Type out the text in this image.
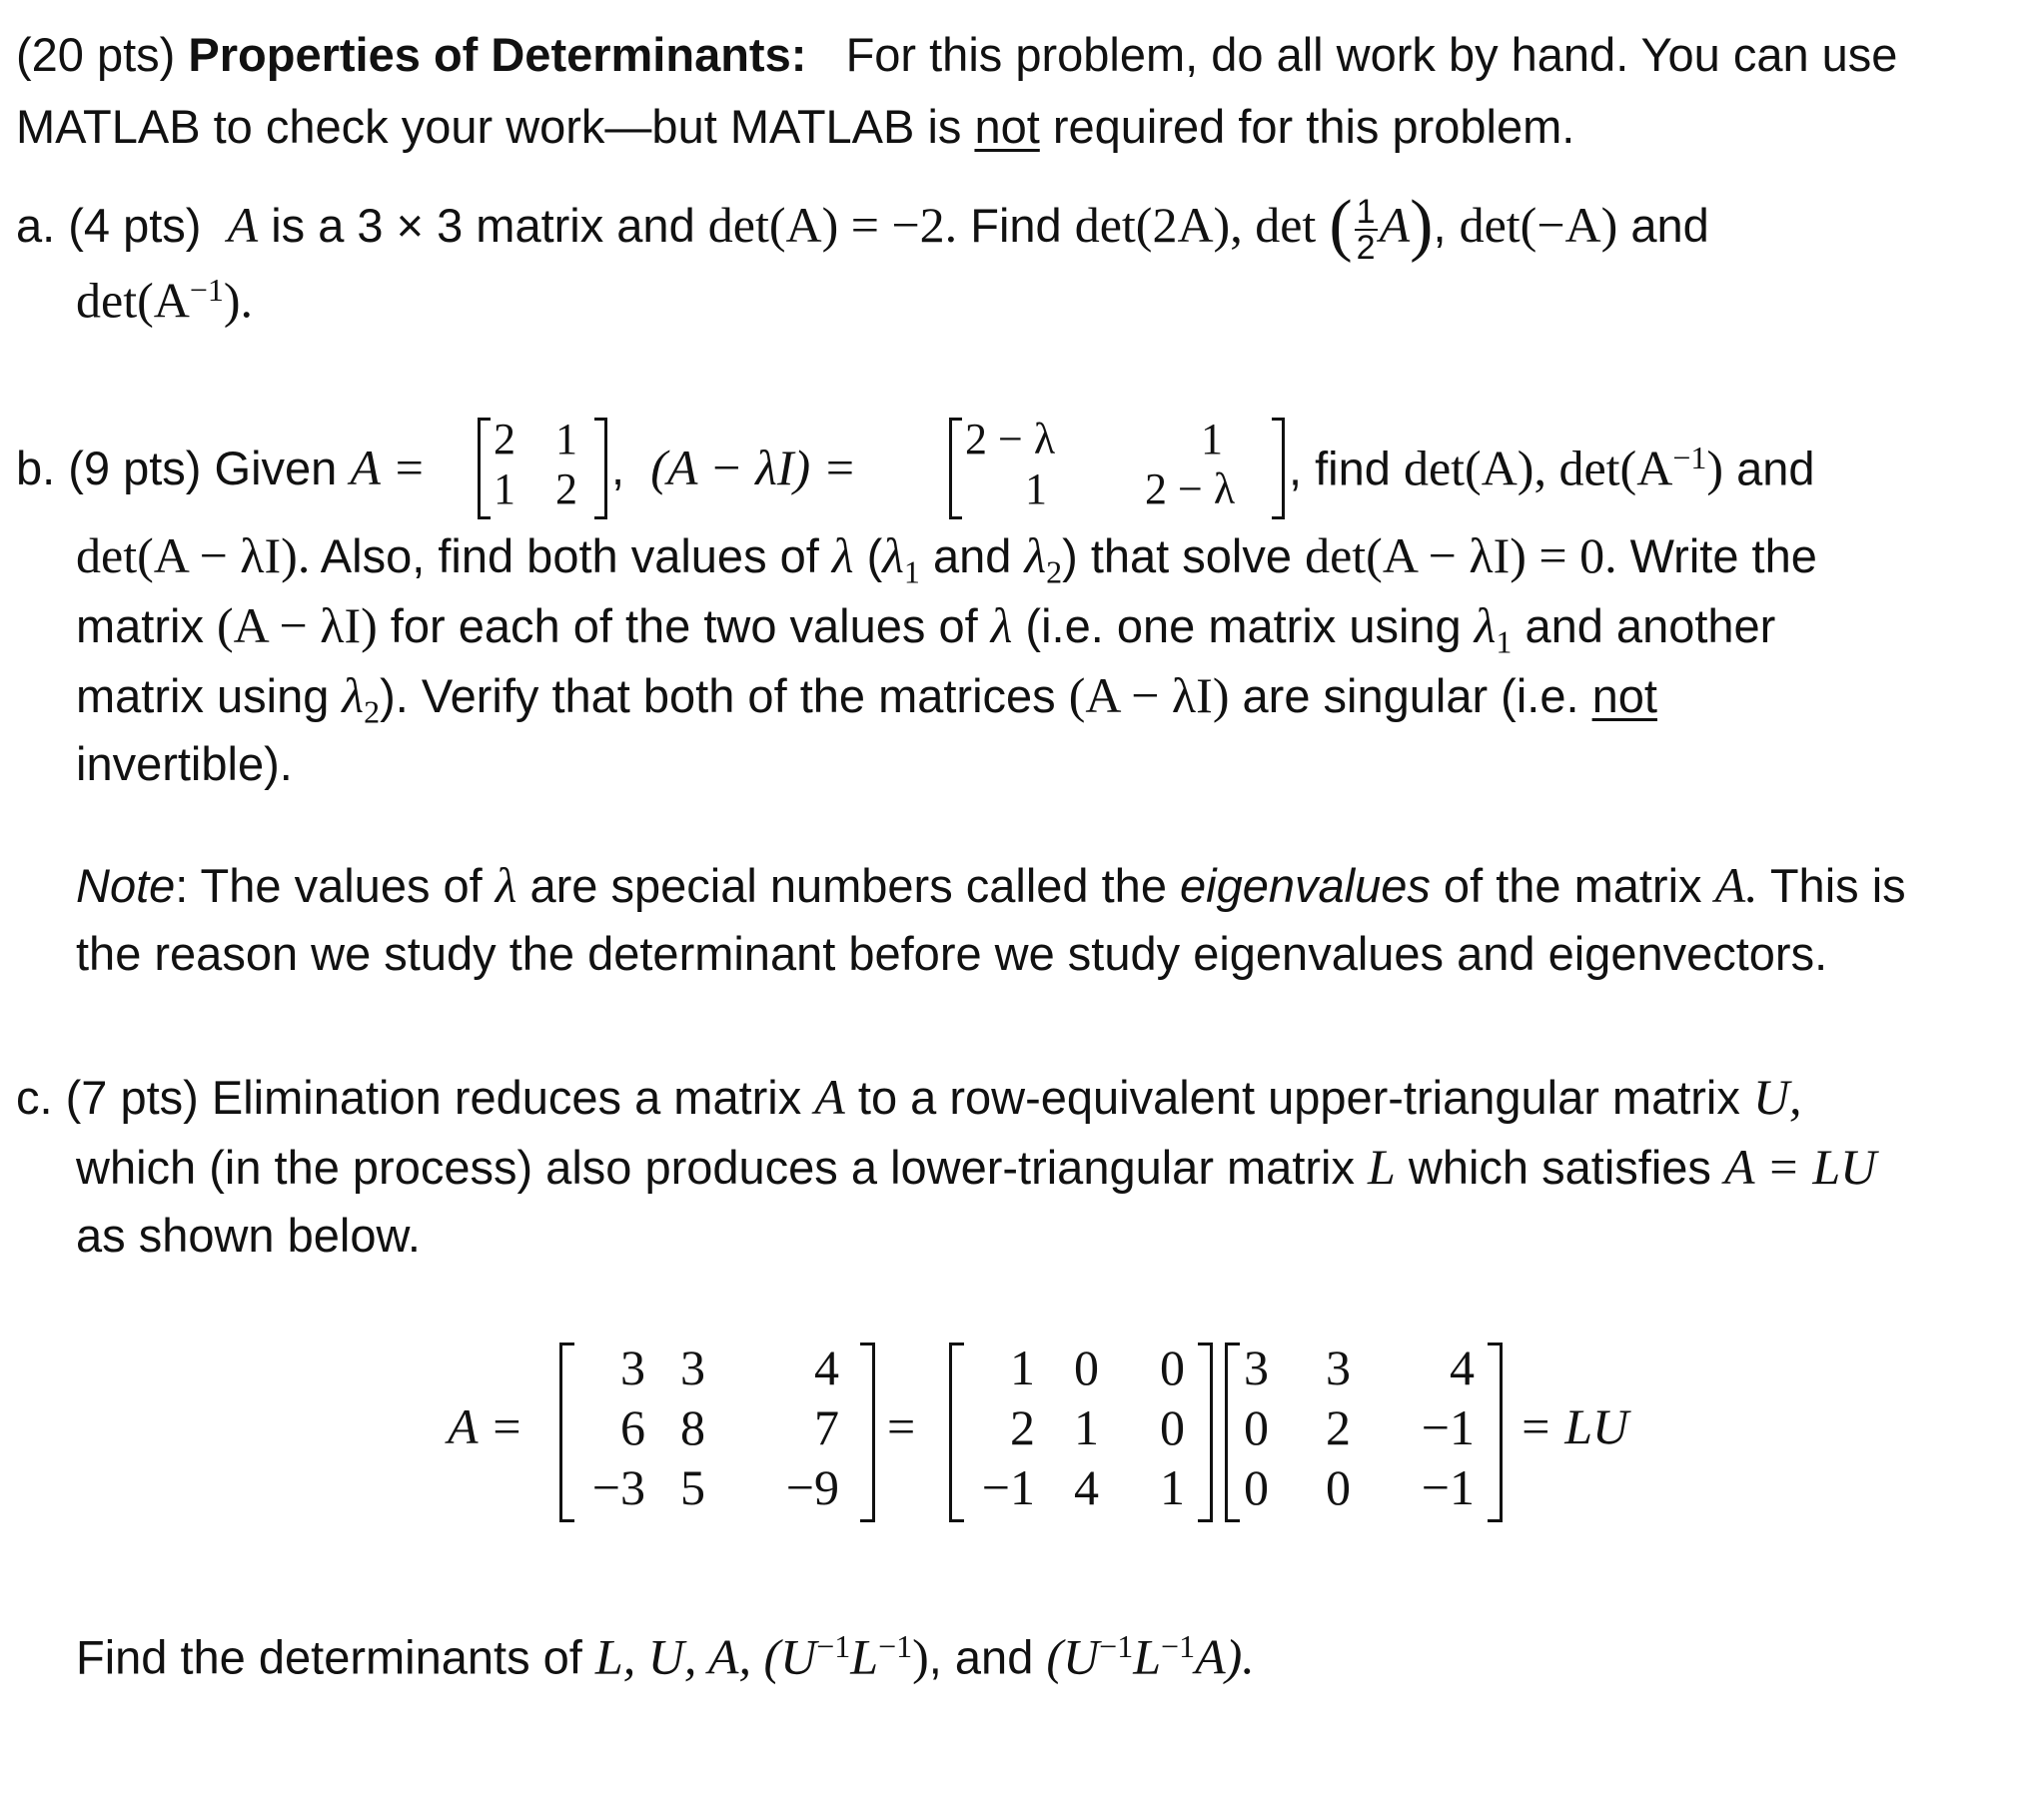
(20 pts) Properties of Determinants: For this problem, do all work by hand. You can use
MATLAB to check your work—but MATLAB is not required for this problem.
a. (4 pts) A is a 3 × 3 matrix and det(A) = −2. Find det(2A), det ( $\frac{1}{2} A$), det(−A) and
$\det(A^{-1})$.
b. (9 pts) Given A =
2 1
1 2 , (A − λI) =
2 − λ	1
1 2 − λ , find det(A), $\det(A^{-1})$ and
det(A − λI). Also, find both values of λ ($\lambda_1$ and $\lambda_2$) that solve det(A − λI) = 0. Write the
matrix (A − λI) for each of the two values of λ (i.e. one matrix using $\lambda_1$ and another
matrix using $\lambda_2$). Verify that both of the matrices (A − λI) are singular (i.e. not
invertible).
Note: The values of λ are special numbers called the eigenvalues of the matrix A. This is
the reason we study the determinant before we study eigenvalues and eigenvectors.
c. (7 pts) Elimination reduces a matrix A to a row-equivalent upper-triangular matrix U,
which (in the process) also produces a lower-triangular matrix L which satisfies A = LU
as shown below.
A =
3 3	4
6 8	7
−3 5	−9
=
1 0	0
2 1	0
−1 4	1
3 3	4
0 2	−1
0 0	−1
= LU
Find the determinants of L, U, A, $(U^{-1}L^{-1})$, and $(U^{-1}L^{-1}A)$.
